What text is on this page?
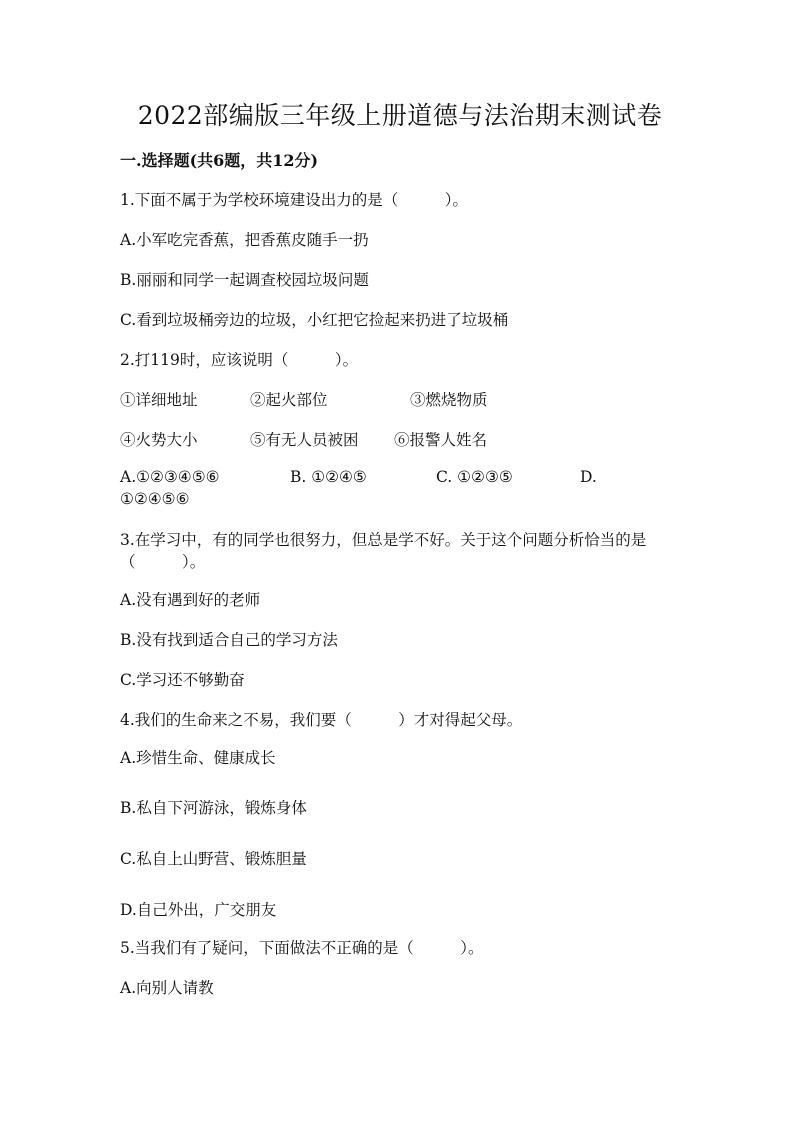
2022部编版三年级上册道德与法治期末测试卷
一.选择题(共6题，共12分)
1.下面不属于为学校环境建设出力的是（　　　）。
A.小军吃完香蕉，把香蕉皮随手一扔
B.丽丽和同学一起调查校园垃圾问题
C.看到垃圾桶旁边的垃圾，小红把它捡起来扔进了垃圾桶
2.打119时，应该说明（　　　）。
①详细地址	②起火部位	③燃烧物质
④火势大小	⑤有无人员被困 ⑥报警人姓名
A.①②③④⑤⑥	B. ①②④⑤	C. ①②③⑤	D.
①②④⑤⑥
3.在学习中，有的同学也很努力，但总是学不好。关于这个问题分析恰当的是
（　　　）。
A.没有遇到好的老师
B.没有找到适合自己的学习方法
C.学习还不够勤奋
4.我们的生命来之不易，我们要（　　　）才对得起父母。
A.珍惜生命、健康成长
B.私自下河游泳，锻炼身体
C.私自上山野营、锻炼胆量
D.自己外出，广交朋友
5.当我们有了疑问，下面做法不正确的是（　　　）。
A.向别人请教
